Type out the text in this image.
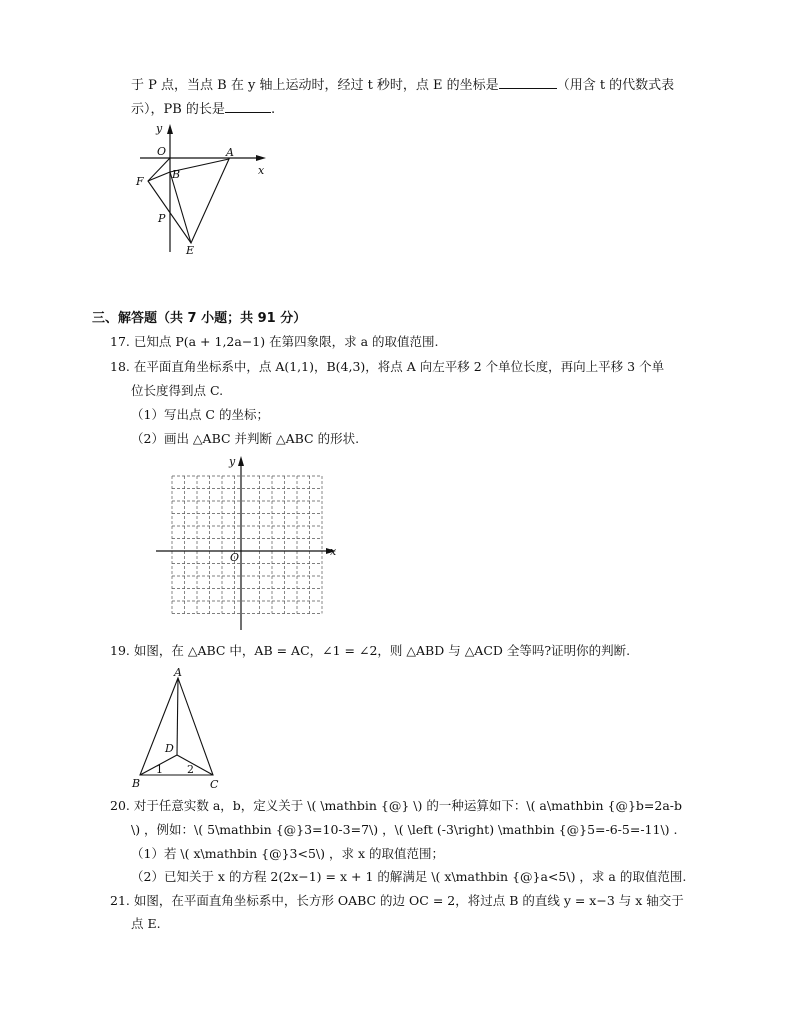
于 P 点，当点 B 在 y 轴上运动时，经过 t 秒时，点 E 的坐标是	（用含 t 的代数式表
示），PB 的长是	.
y
O	A
x
F
B
P
E
三、解答题（共 7 小题；共 91 分）
17. 已知点 P(a + 1,2a−1) 在第四象限，求 a 的取值范围.
18. 在平面直角坐标系中，点 A(1,1)，B(4,3)，将点 A 向左平移 2 个单位长度，再向上平移 3 个单
位长度得到点 C.
（1）写出点 C 的坐标；
（2）画出 △ABC 并判断 △ABC 的形状.
y
x
O
19. 如图，在 △ABC 中，AB = AC，∠1 = ∠2，则 △ABD 与 △ACD 全等吗?证明你的判断.
A
D
B	C
1 2
20. 对于任意实数 a，b，定义关于 \( \mathbin {@} \) 的一种运算如下：\( a\mathbin {@}b=2a-b
\) ，例如：\( 5\mathbin {@}3=10-3=7\) ，\( \left (-3\right) \mathbin {@}5=-6-5=-11\) .
（1）若 \( x\mathbin {@}3<5\) ，求 x 的取值范围；
（2）已知关于 x 的方程 2(2x−1) = x + 1 的解满足 \( x\mathbin {@}a<5\) ，求 a 的取值范围.
21. 如图，在平面直角坐标系中，长方形 OABC 的边 OC = 2，将过点 B 的直线 y = x−3 与 x 轴交于
点 E.
